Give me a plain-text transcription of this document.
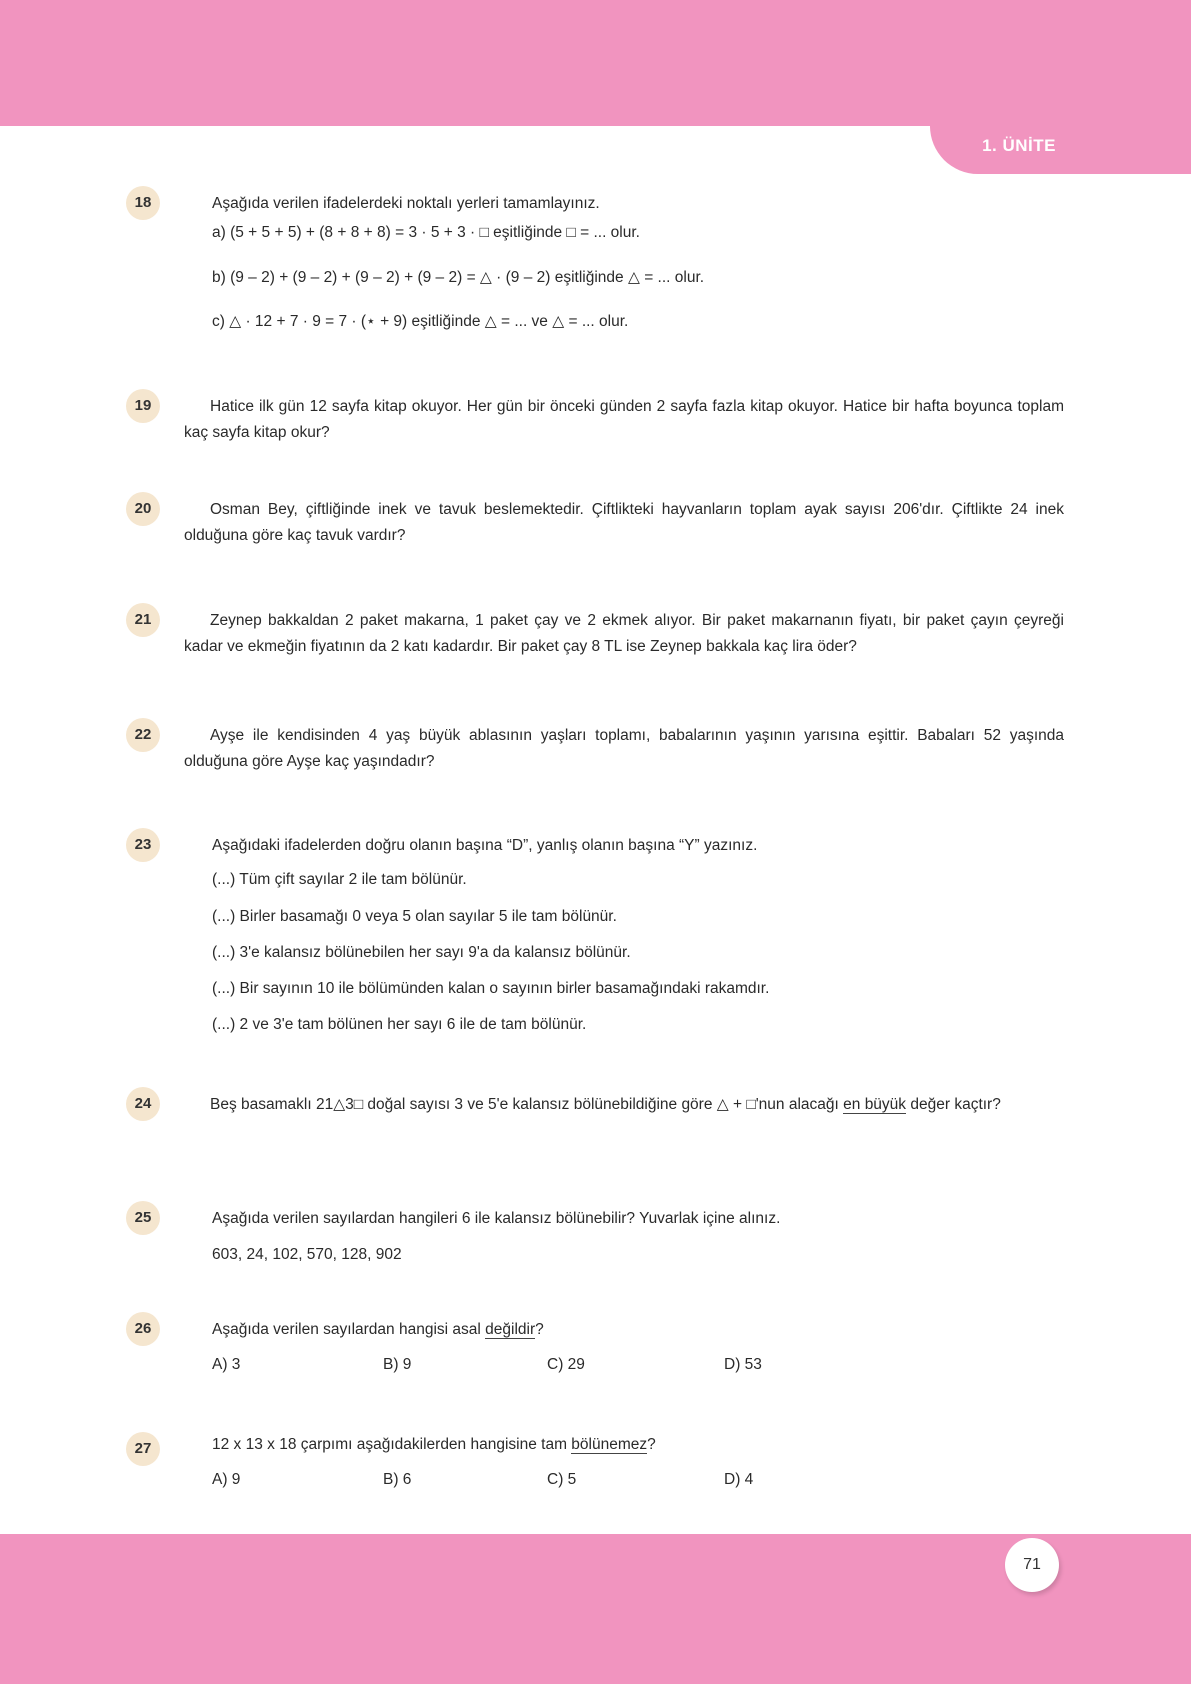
1. ÜNİTE
18	Aşağıda verilen ifadelerdeki noktalı yerleri tamamlayınız.
a) (5 + 5 + 5) + (8 + 8 + 8) = 3 · 5 + 3 · □ eşitliğinde □ = ... olur.
b) (9 – 2) + (9 – 2) + (9 – 2) + (9 – 2) = △ · (9 – 2) eşitliğinde △ = ... olur.
c) △ · 12 + 7 · 9 = 7 · (⋆ + 9) eşitliğinde △ = ... ve △ = ... olur.
19	Hatice ilk gün 12 sayfa kitap okuyor. Her gün bir önceki günden 2 sayfa fazla kitap okuyor. Hatice bir hafta boyunca toplam kaç sayfa kitap okur?
20	Osman Bey, çiftliğinde inek ve tavuk beslemektedir. Çiftlikteki hayvanların toplam ayak sayısı 206'dır. Çiftlikte 24 inek olduğuna göre kaç tavuk vardır?
21	Zeynep bakkaldan 2 paket makarna, 1 paket çay ve 2 ekmek alıyor. Bir paket makarnanın fiyatı, bir paket çayın çeyreği kadar ve ekmeğin fiyatının da 2 katı kadardır. Bir paket çay 8 TL ise Zeynep bakkala kaç lira öder?
22	Ayşe ile kendisinden 4 yaş büyük ablasının yaşları toplamı, babalarının yaşının yarısına eşittir. Babaları 52 yaşında olduğuna göre Ayşe kaç yaşındadır?
23	Aşağıdaki ifadelerden doğru olanın başına “D”, yanlış olanın başına “Y” yazınız.
(...) Tüm çift sayılar 2 ile tam bölünür.
(...) Birler basamağı 0 veya 5 olan sayılar 5 ile tam bölünür.
(...) 3'e kalansız bölünebilen her sayı 9'a da kalansız bölünür.
(...) Bir sayının 10 ile bölümünden kalan o sayının birler basamağındaki rakamdır.
(...) 2 ve 3'e tam bölünen her sayı 6 ile de tam bölünür.
24	Beş basamaklı 21△3□ doğal sayısı 3 ve 5'e kalansız bölünebildiğine göre △ + □'nun alacağı en büyük değer kaçtır?
25	Aşağıda verilen sayılardan hangileri 6 ile kalansız bölünebilir? Yuvarlak içine alınız.
603, 24, 102, 570, 128, 902
26	Aşağıda verilen sayılardan hangisi asal değildir?
A) 3	B) 9	C) 29	D) 53
27	12 x 13 x 18 çarpımı aşağıdakilerden hangisine tam bölünemez?
A) 9	B) 6	C) 5	D) 4
71
